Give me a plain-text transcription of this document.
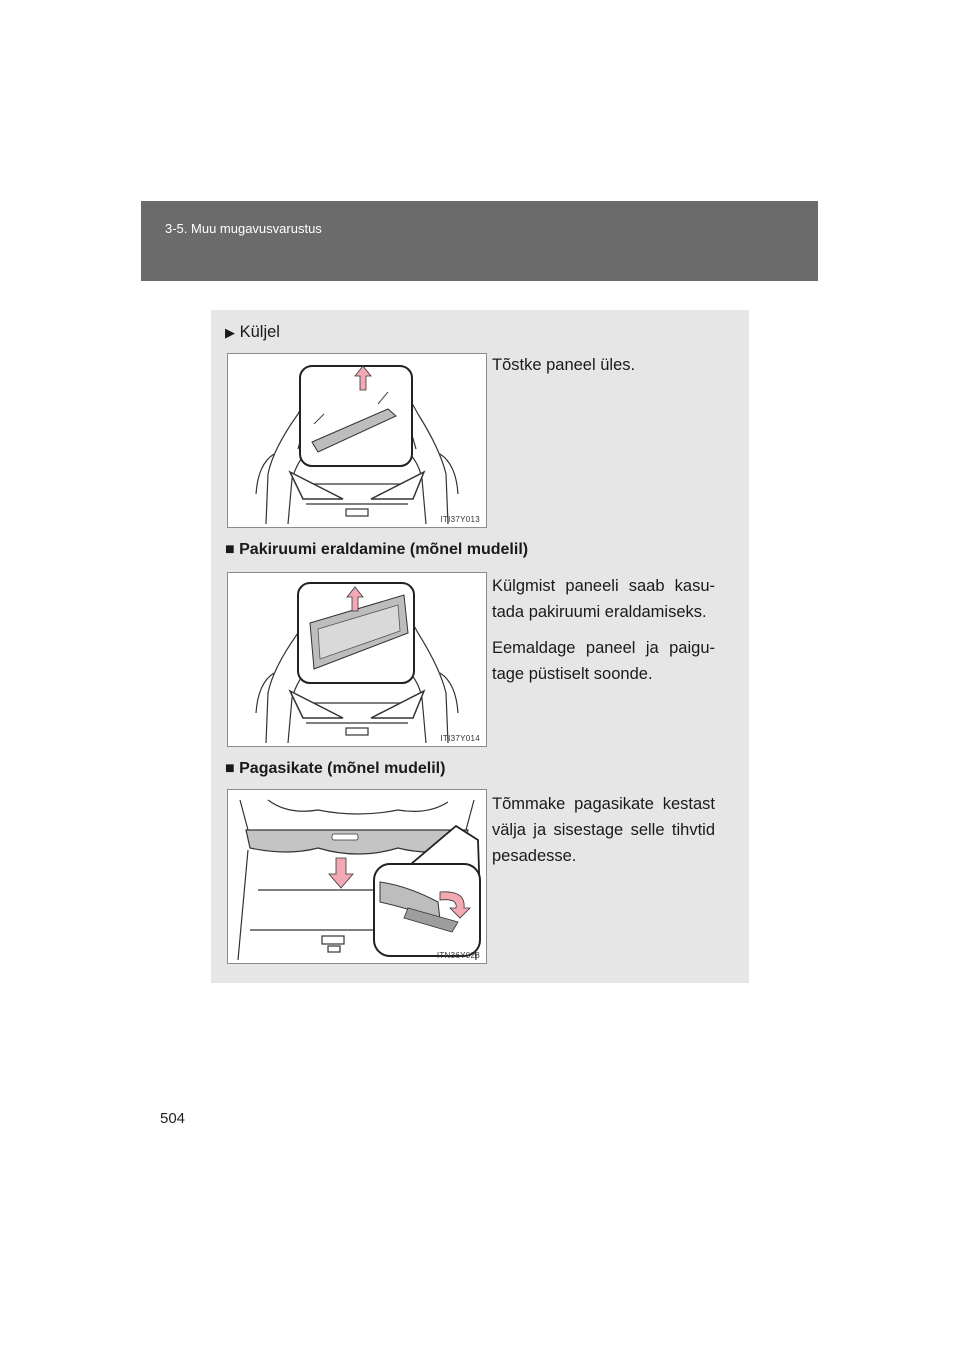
3-5. Muu mugavusvarustus
▶ Küljel
Tõstke paneel üles.
ITI37Y013
■ Pakiruumi eraldamine (mõnel mudelil)
Külgmist paneeli saab kasu-
tada pakiruumi eraldamiseks.
Eemaldage paneel ja paigu-
tage püstiselt soonde.
ITI37Y014
■ Pagasikate (mõnel mudelil)
Tõmmake pagasikate kestast
välja ja sisestage selle tihvtid
pesadesse.
ITN36Y028
504
